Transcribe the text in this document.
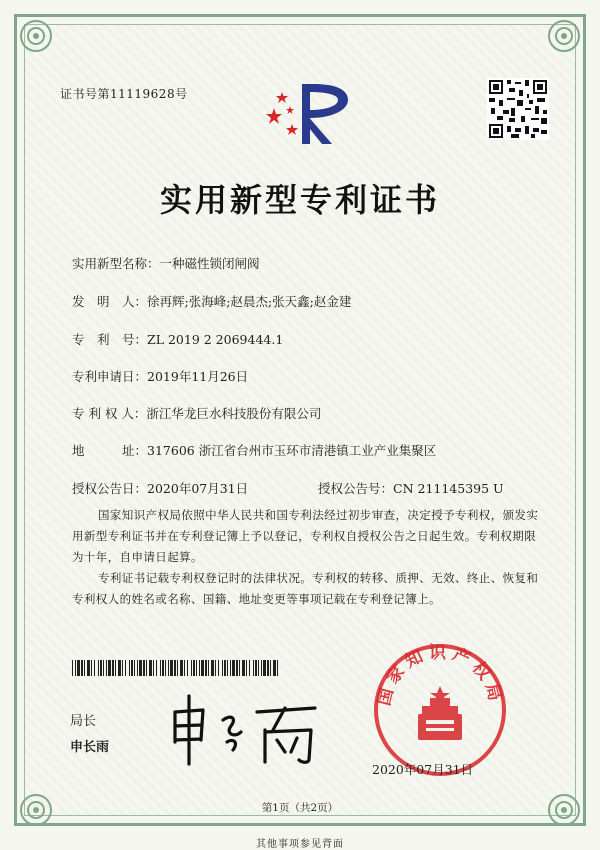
证书号第11119628号
实用新型专利证书
实用新型名称：一种磁性锁闭闸阀
发　明　人：徐再辉;张海峰;赵晨杰;张天鑫;赵金建
专　利　号：ZL 2019 2 2069444.1
专利申请日：2019年11月26日
专 利 权 人：浙江华龙巨水科技股份有限公司
地　　　址：317606 浙江省台州市玉环市清港镇工业产业集聚区
授权公告日：2020年07月31日	授权公告号：CN 211145395 U

国家知识产权局依照中华人民共和国专利法经过初步审查，决定授予专利权，颁发实用新型专利证书并在专利登记簿上予以登记，专利权自授权公告之日起生效。专利权期限为十年，自申请日起算。

专利证书记载专利权登记时的法律状况。专利权的转移、质押、无效、终止、恢复和专利权人的姓名或名称、国籍、地址变更等事项记载在专利登记簿上。

局长
申长雨
国家知识产权局
2020年07月31日
第1页（共2页）
其他事项参见背面
